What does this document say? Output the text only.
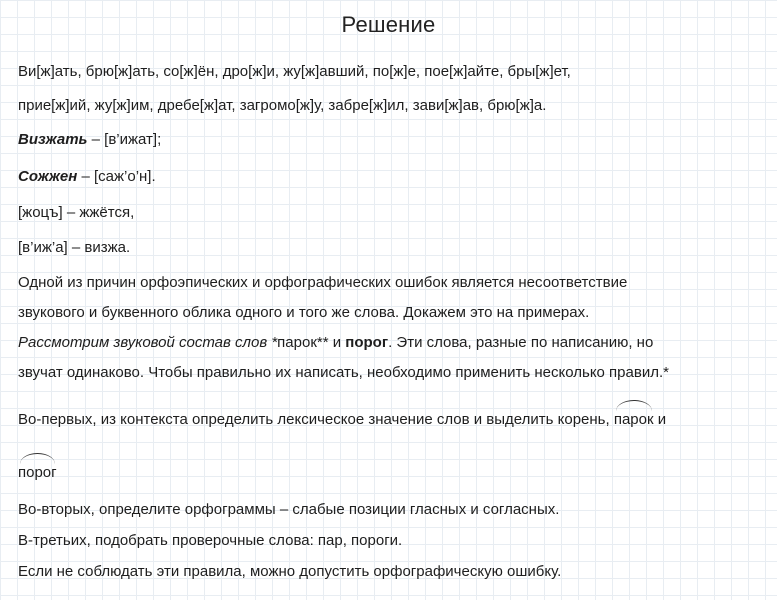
Решение
Ви[ж]ать, брю[ж]ать, со[ж]ён, дро[ж]и, жу[ж]авший, по[ж]е, пое[ж]айте, бры[ж]ет,
прие[ж]ий, жу[ж]им, дребе[ж]ат, загромо[ж]у, забре[ж]ил, зави[ж]ав, брю[ж]а.
Визжать – [в’ижат];
Сожжен – [саж’о’н].
[жоцъ] – жжётся,
[в’иж’а] – визжа.
Одной из причин орфоэпических и орфографических ошибок является несоответствие
звукового и буквенного облика одного и того же слова. Докажем это на примерах.
Рассмотрим звуковой состав слов *парок** и порог. Эти слова, разные по написанию, но
звучат одинаково. Чтобы правильно их написать, необходимо применить несколько правил.*
Во-первых, из контекста определить лексическое значение слов и выделить корень,
парок и
порог
Во-вторых, определите орфограммы – слабые позиции гласных и согласных.
В-третьих, подобрать проверочные слова: пар, пороги.
Если не соблюдать эти правила, можно допустить орфографическую ошибку.
